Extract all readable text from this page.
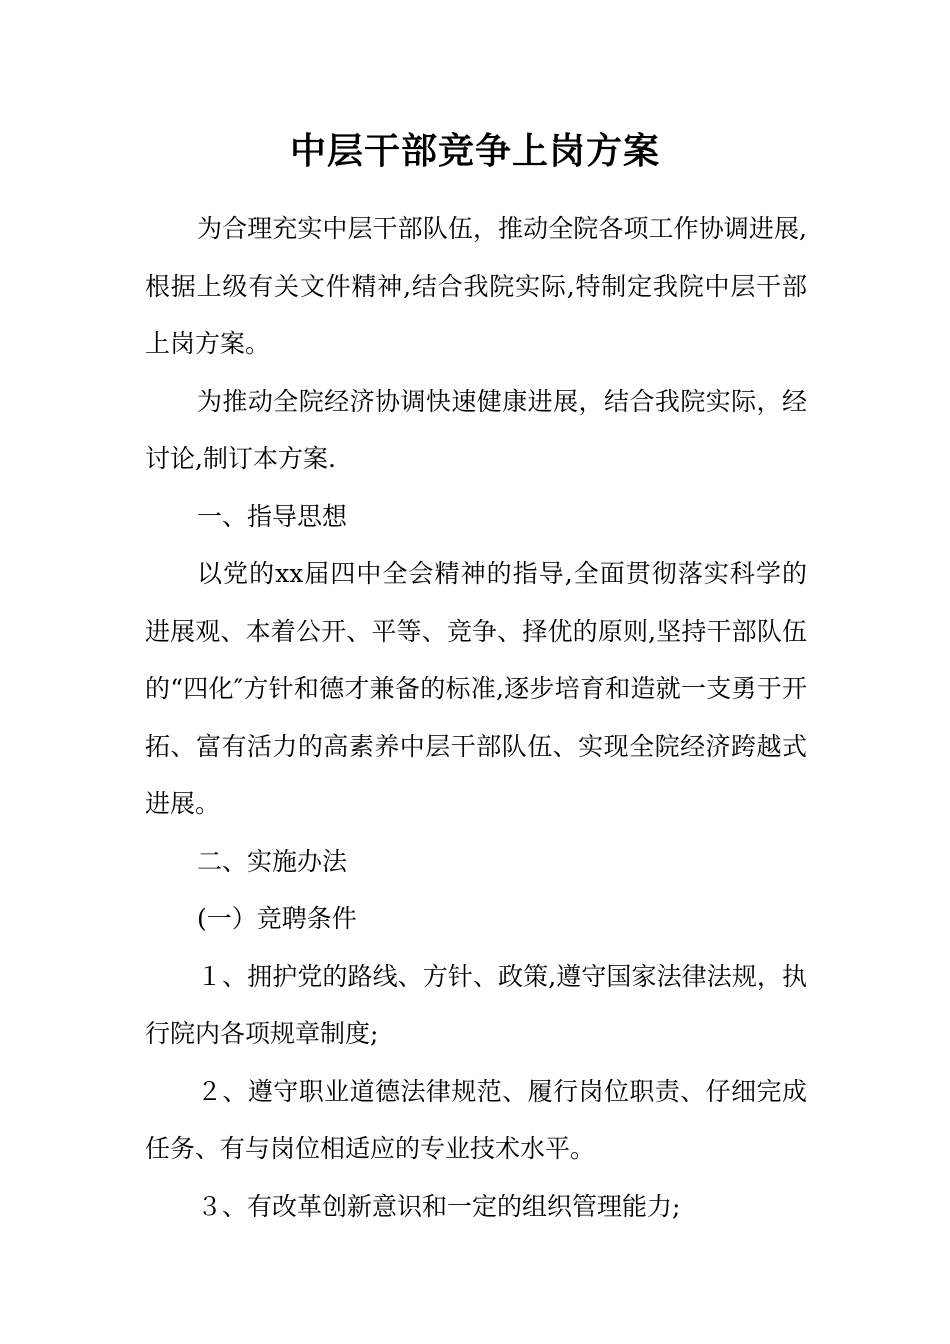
中层干部竞争上岗方案

为合理充实中层干部队伍，推动全院各项工作协调进展,根据上级有关文件精神,结合我院实际,特制定我院中层干部上岗方案。

为推动全院经济协调快速健康进展，结合我院实际，经讨论,制订本方案.

一、指导思想

以党的xx届四中全会精神的指导,全面贯彻落实科学的进展观、本着公开、平等、竞争、择优的原则,坚持干部队伍的“四化″方针和德才兼备的标准,逐步培育和造就一支勇于开拓、富有活力的高素养中层干部队伍、实现全院经济跨越式进展。

二、实施办法

(一）竞聘条件

１、拥护党的路线、方针、政策,遵守国家法律法规，执行院内各项规章制度;

２、遵守职业道德法律规范、履行岗位职责、仔细完成任务、有与岗位相适应的专业技术水平。

３、有改革创新意识和一定的组织管理能力;
